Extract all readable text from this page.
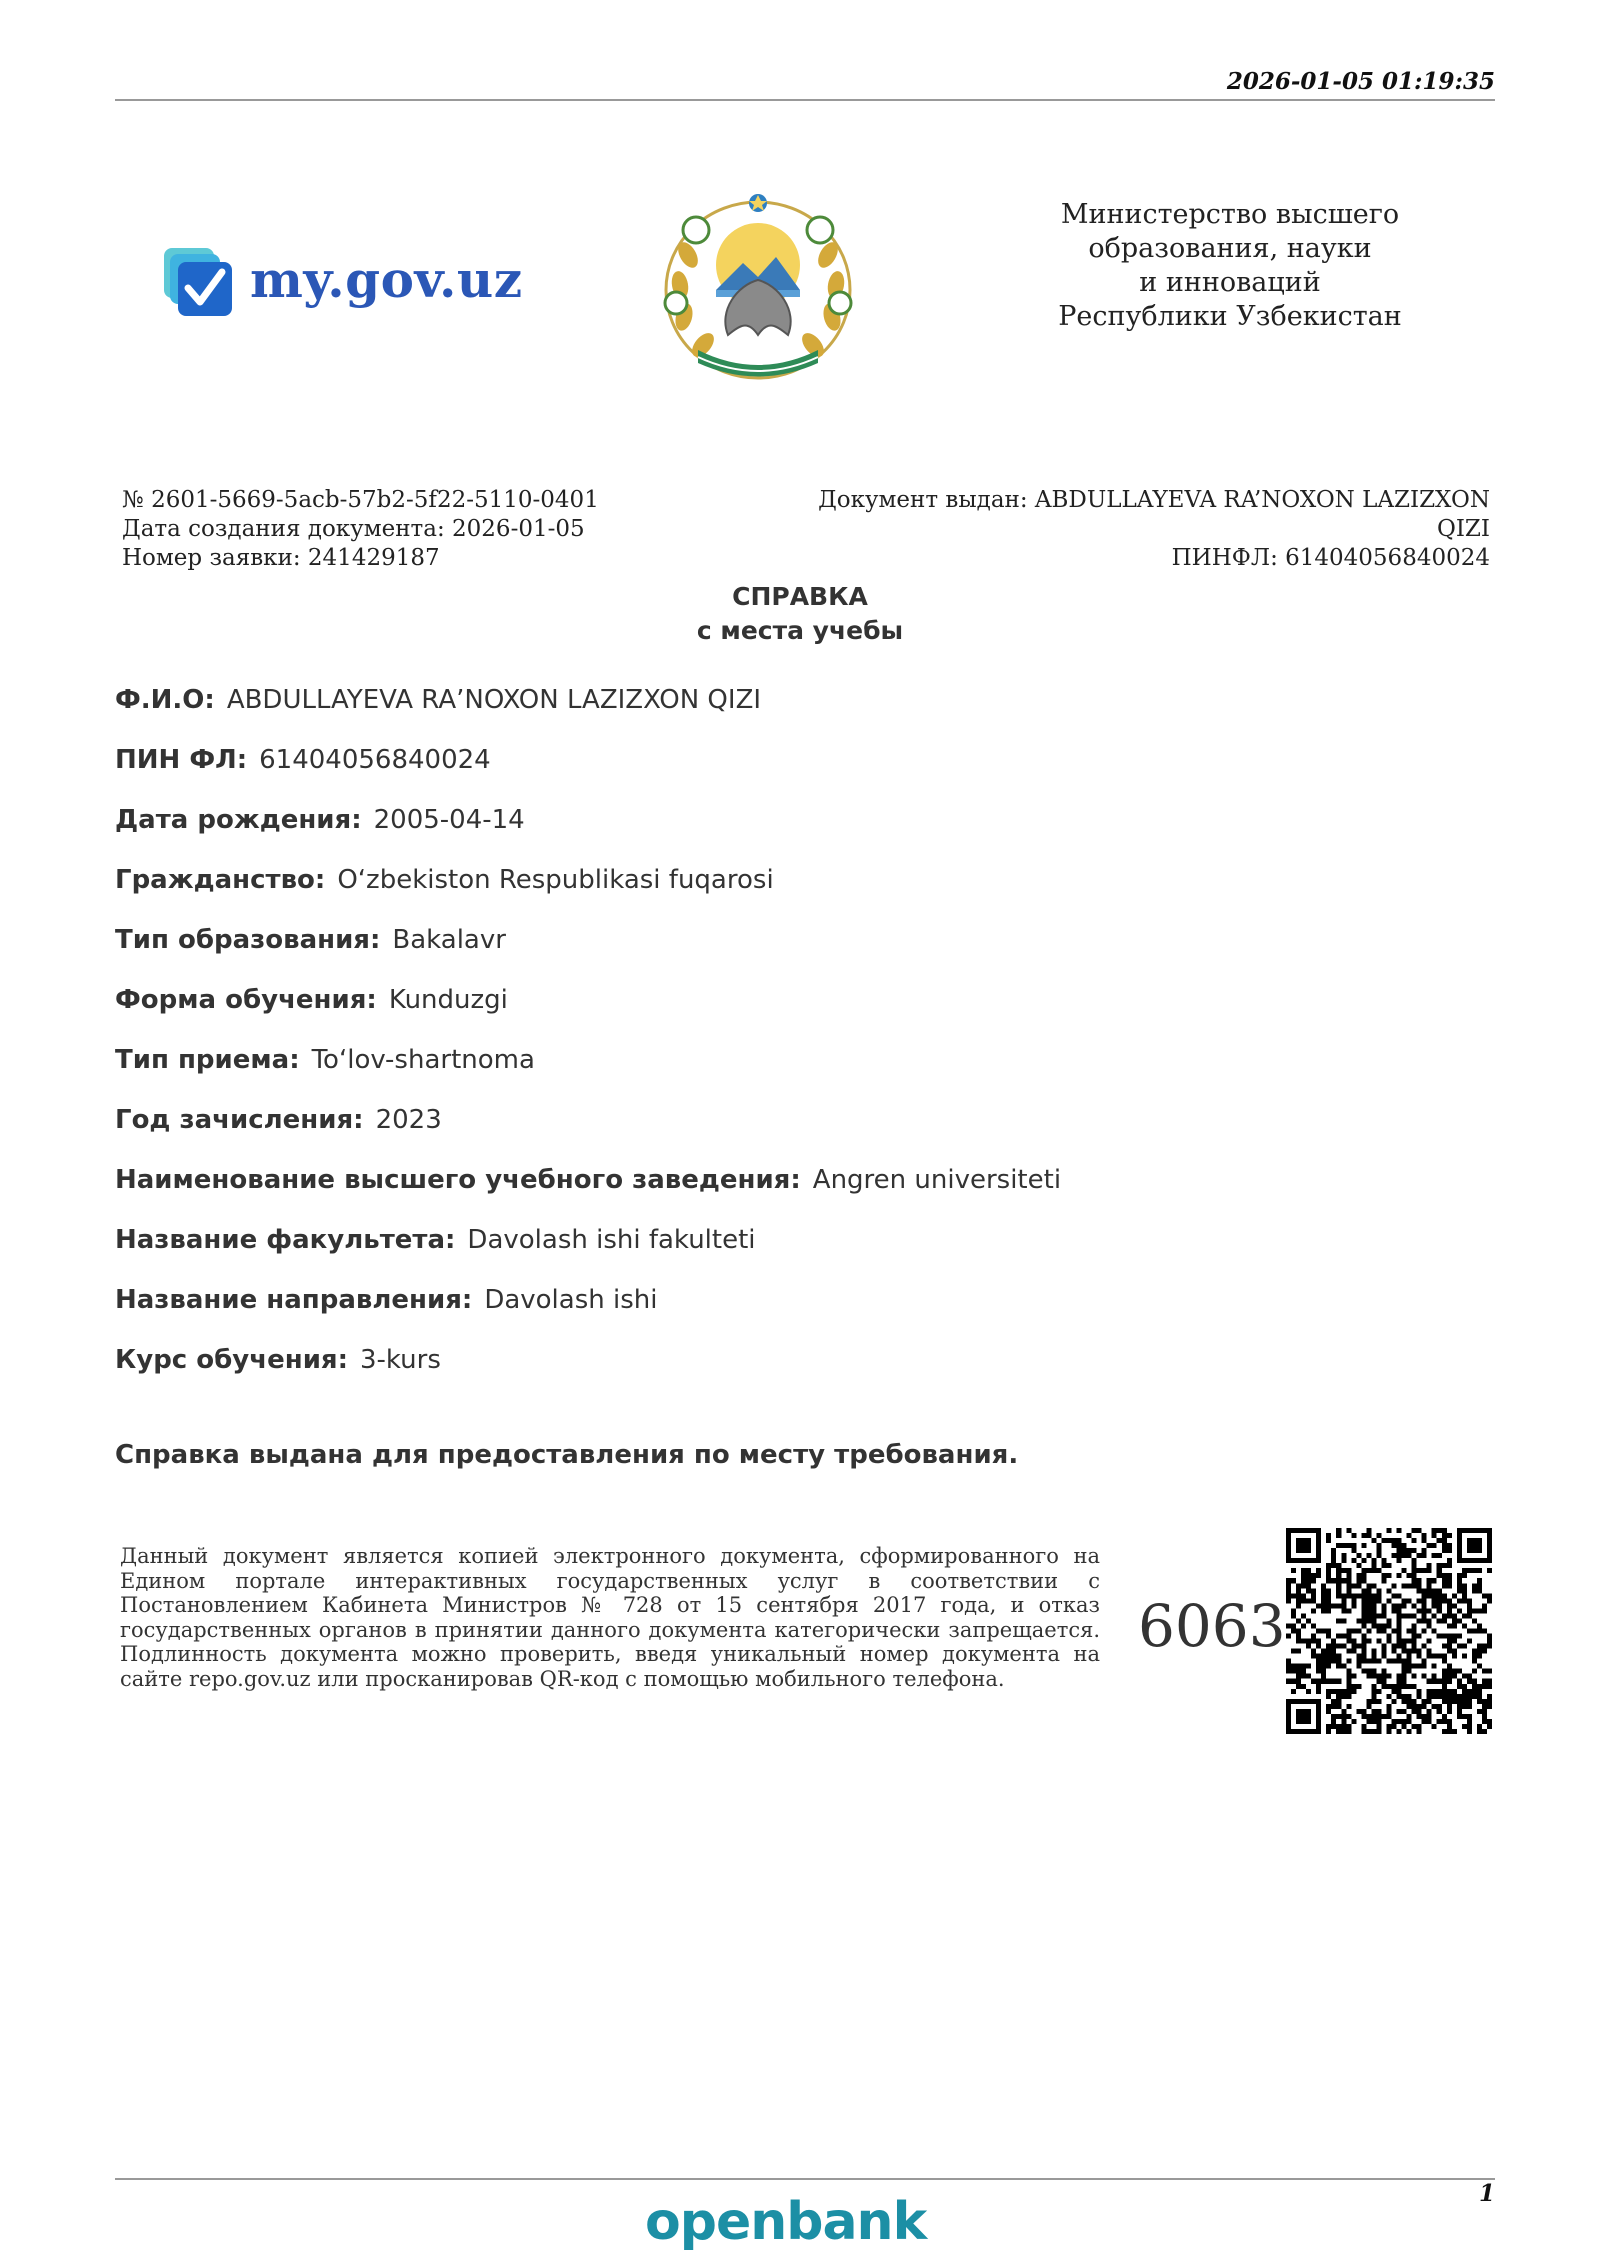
2026-01-05 01:19:35
my.gov.uz
Министерство высшего
образования, науки
и инноваций
Республики Узбекистан
№ 2601-5669-5acb-57b2-5f22-5110-0401
Дата создания документа: 2026-01-05
Номер заявки: 241429187
Документ выдан: ABDULLAYEVA RA’NOXON LAZIZXON
QIZI
ПИНФЛ: 61404056840024
СПРАВКА
с места учебы
Ф.И.О: ABDULLAYEVA RA’NOXON LAZIZXON QIZI
ПИН ФЛ: 61404056840024
Дата рождения: 2005-04-14
Гражданство: O‘zbekiston Respublikasi fuqarosi
Тип образования: Bakalavr
Форма обучения: Kunduzgi
Тип приема: To‘lov-shartnoma
Год зачисления: 2023
Наименование высшего учебного заведения: Angren universiteti
Название факультета: Davolash ishi fakulteti
Название направления: Davolash ishi
Курс обучения: 3-kurs
Справка выдана для предоставления по месту требования.
Данный документ является копией электронного документа, сформированного на Едином портале интерактивных государственных услуг в соответствии с Постановлением Кабинета Министров № 728 от 15 сентября 2017 года, и отказ государственных органов в принятии данного документа категорически запрещается. Подлинность документа можно проверить, введя уникальный номер документа на сайте repo.gov.uz или просканировав QR-код с помощью мобильного телефона.
6063
1
openbank
